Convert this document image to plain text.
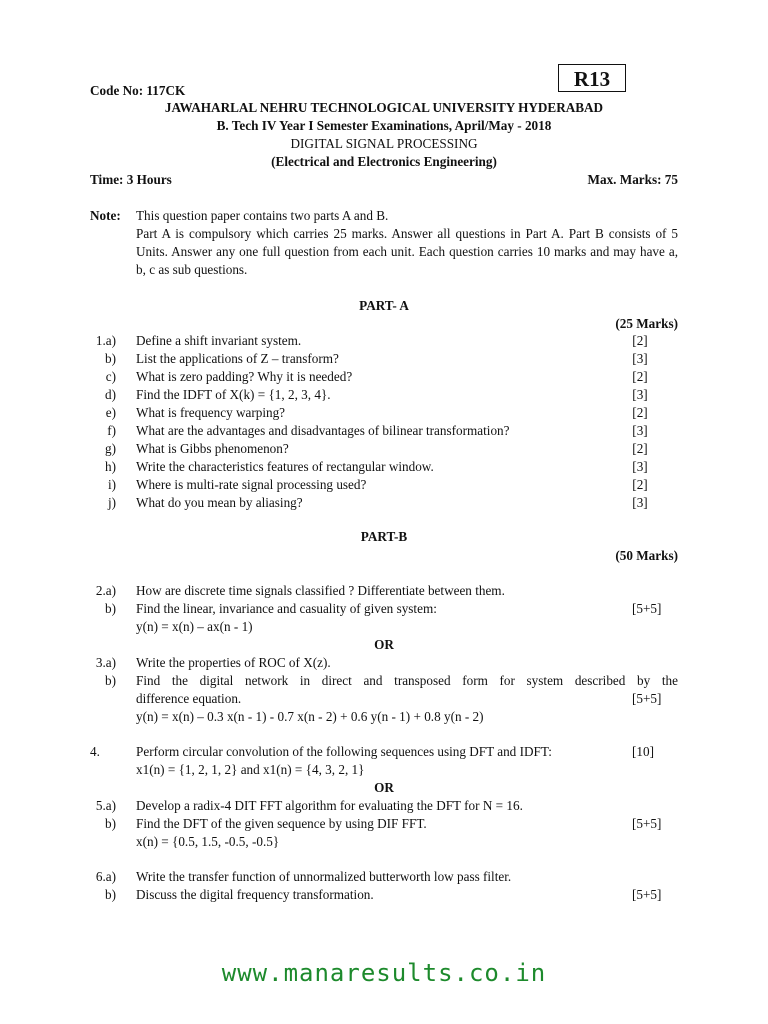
R13
Code No: 117CK
JAWAHARLAL NEHRU TECHNOLOGICAL UNIVERSITY HYDERABAD
B. Tech IV Year I Semester Examinations, April/May - 2018
DIGITAL SIGNAL PROCESSING
(Electrical and Electronics Engineering)
Time: 3 Hours	Max. Marks: 75
Note: This question paper contains two parts A and B.
Part A is compulsory which carries 25 marks. Answer all questions in Part A. Part B consists of 5 Units. Answer any one full question from each unit. Each question carries 10 marks and may have a, b, c as sub questions.
PART- A
(25 Marks)
1.a) Define a shift invariant system.	[2]
b) List the applications of Z – transform?	[3]
c) What is zero padding? Why it is needed?	[2]
d) Find the IDFT of X(k) = {1, 2, 3, 4}.	[3]
e) What is frequency warping?	[2]
f) What are the advantages and disadvantages of bilinear transformation?	[3]
g) What is Gibbs phenomenon?	[2]
h) Write the characteristics features of rectangular window.	[3]
i) Where is multi-rate signal processing used?	[2]
j) What do you mean by aliasing?	[3]
PART-B
(50 Marks)
2.a) How are discrete time signals classified ? Differentiate between them.
b) Find the linear, invariance and casuality of given system:	[5+5]
y(n) = x(n) – ax(n - 1)
OR
3.a) Write the properties of ROC of X(z).
b) Find the digital network in direct and transposed form for system described by the
difference equation.	[5+5]
y(n) = x(n) – 0.3 x(n - 1) - 0.7 x(n - 2) + 0.6 y(n - 1) + 0.8 y(n - 2)
4.	Perform circular convolution of the following sequences using DFT and IDFT:	[10]
x1(n) = {1, 2, 1, 2} and x1(n) = {4, 3, 2, 1}
OR
5.a) Develop a radix-4 DIT FFT algorithm for evaluating the DFT for N = 16.
b) Find the DFT of the given sequence by using DIF FFT.	[5+5]
x(n) = {0.5, 1.5, -0.5, -0.5}
6.a) Write the transfer function of unnormalized butterworth low pass filter.
b) Discuss the digital frequency transformation.	[5+5]
www.manaresults.co.in
